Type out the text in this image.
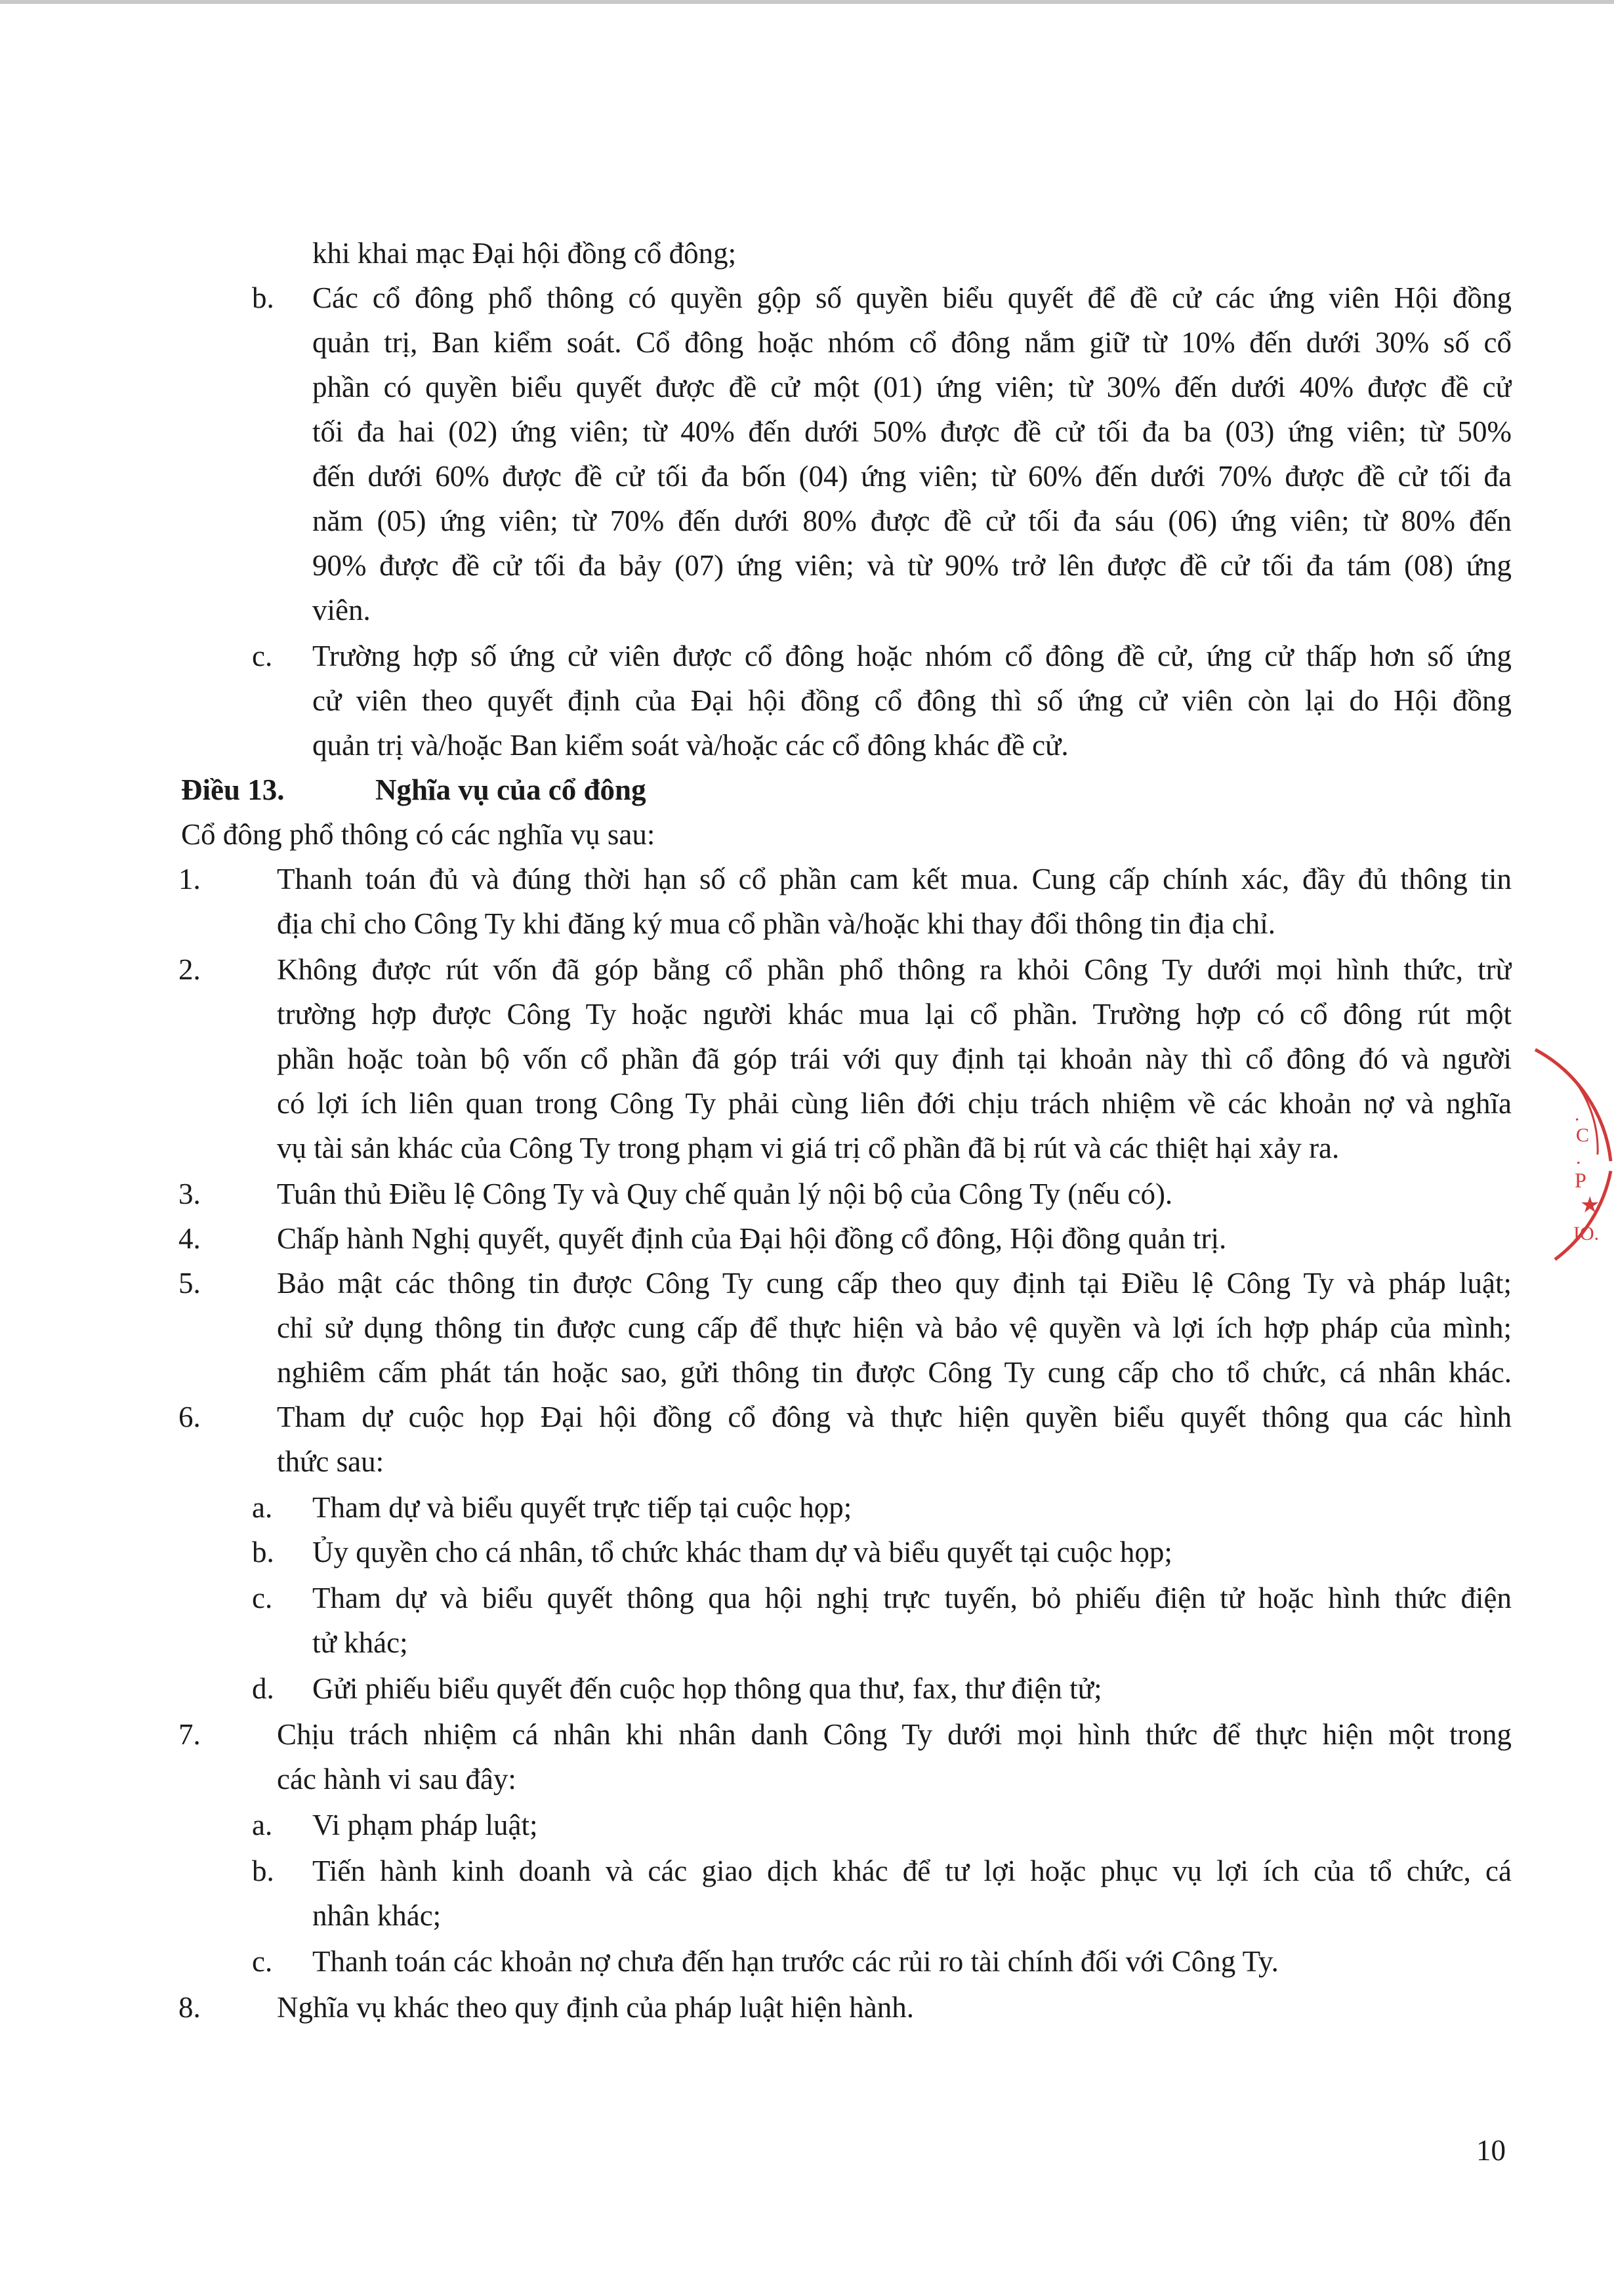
khi khai mạc Đại hội đồng cổ đông;
b. Các cổ đông phổ thông có quyền gộp số quyền biểu quyết để đề cử các ứng viên Hội đồng
quản trị, Ban kiểm soát. Cổ đông hoặc nhóm cổ đông nắm giữ từ 10% đến dưới 30% số cổ
phần có quyền biểu quyết được đề cử một (01) ứng viên; từ 30% đến dưới 40% được đề cử
tối đa hai (02) ứng viên; từ 40% đến dưới 50% được đề cử tối đa ba (03) ứng viên; từ 50%
đến dưới 60% được đề cử tối đa bốn (04) ứng viên; từ 60% đến dưới 70% được đề cử tối đa
năm (05) ứng viên; từ 70% đến dưới 80% được đề cử tối đa sáu (06) ứng viên; từ 80% đến
90% được đề cử tối đa bảy (07) ứng viên; và từ 90% trở lên được đề cử tối đa tám (08) ứng
viên.
c. Trường hợp số ứng cử viên được cổ đông hoặc nhóm cổ đông đề cử, ứng cử thấp hơn số ứng
cử viên theo quyết định của Đại hội đồng cổ đông thì số ứng cử viên còn lại do Hội đồng
quản trị và/hoặc Ban kiểm soát và/hoặc các cổ đông khác đề cử.
Điều 13.	Nghĩa vụ của cổ đông
Cổ đông phổ thông có các nghĩa vụ sau:
1.	Thanh toán đủ và đúng thời hạn số cổ phần cam kết mua. Cung cấp chính xác, đầy đủ thông tin
địa chỉ cho Công Ty khi đăng ký mua cổ phần và/hoặc khi thay đổi thông tin địa chỉ.
2.	Không được rút vốn đã góp bằng cổ phần phổ thông ra khỏi Công Ty dưới mọi hình thức, trừ
trường hợp được Công Ty hoặc người khác mua lại cổ phần. Trường hợp có cổ đông rút một
phần hoặc toàn bộ vốn cổ phần đã góp trái với quy định tại khoản này thì cổ đông đó và người
có lợi ích liên quan trong Công Ty phải cùng liên đới chịu trách nhiệm về các khoản nợ và nghĩa
vụ tài sản khác của Công Ty trong phạm vi giá trị cổ phần đã bị rút và các thiệt hại xảy ra.
3.	Tuân thủ Điều lệ Công Ty và Quy chế quản lý nội bộ của Công Ty (nếu có).
4.	Chấp hành Nghị quyết, quyết định của Đại hội đồng cổ đông, Hội đồng quản trị.
5.	Bảo mật các thông tin được Công Ty cung cấp theo quy định tại Điều lệ Công Ty và pháp luật;
chỉ sử dụng thông tin được cung cấp để thực hiện và bảo vệ quyền và lợi ích hợp pháp của mình;
nghiêm cấm phát tán hoặc sao, gửi thông tin được Công Ty cung cấp cho tổ chức, cá nhân khác.
6.	Tham dự cuộc họp Đại hội đồng cổ đông và thực hiện quyền biểu quyết thông qua các hình
thức sau:
a. Tham dự và biểu quyết trực tiếp tại cuộc họp;
b. Ủy quyền cho cá nhân, tổ chức khác tham dự và biểu quyết tại cuộc họp;
c. Tham dự và biểu quyết thông qua hội nghị trực tuyến, bỏ phiếu điện tử hoặc hình thức điện
tử khác;
d. Gửi phiếu biểu quyết đến cuộc họp thông qua thư, fax, thư điện tử;
7.	Chịu trách nhiệm cá nhân khi nhân danh Công Ty dưới mọi hình thức để thực hiện một trong
các hành vi sau đây:
a. Vi phạm pháp luật;
b. Tiến hành kinh doanh và các giao dịch khác để tư lợi hoặc phục vụ lợi ích của tổ chức, cá
nhân khác;
c. Thanh toán các khoản nợ chưa đến hạn trước các rủi ro tài chính đối với Công Ty.
8.	Nghĩa vụ khác theo quy định của pháp luật hiện hành.
10
.
C
.
P
★
IO.
